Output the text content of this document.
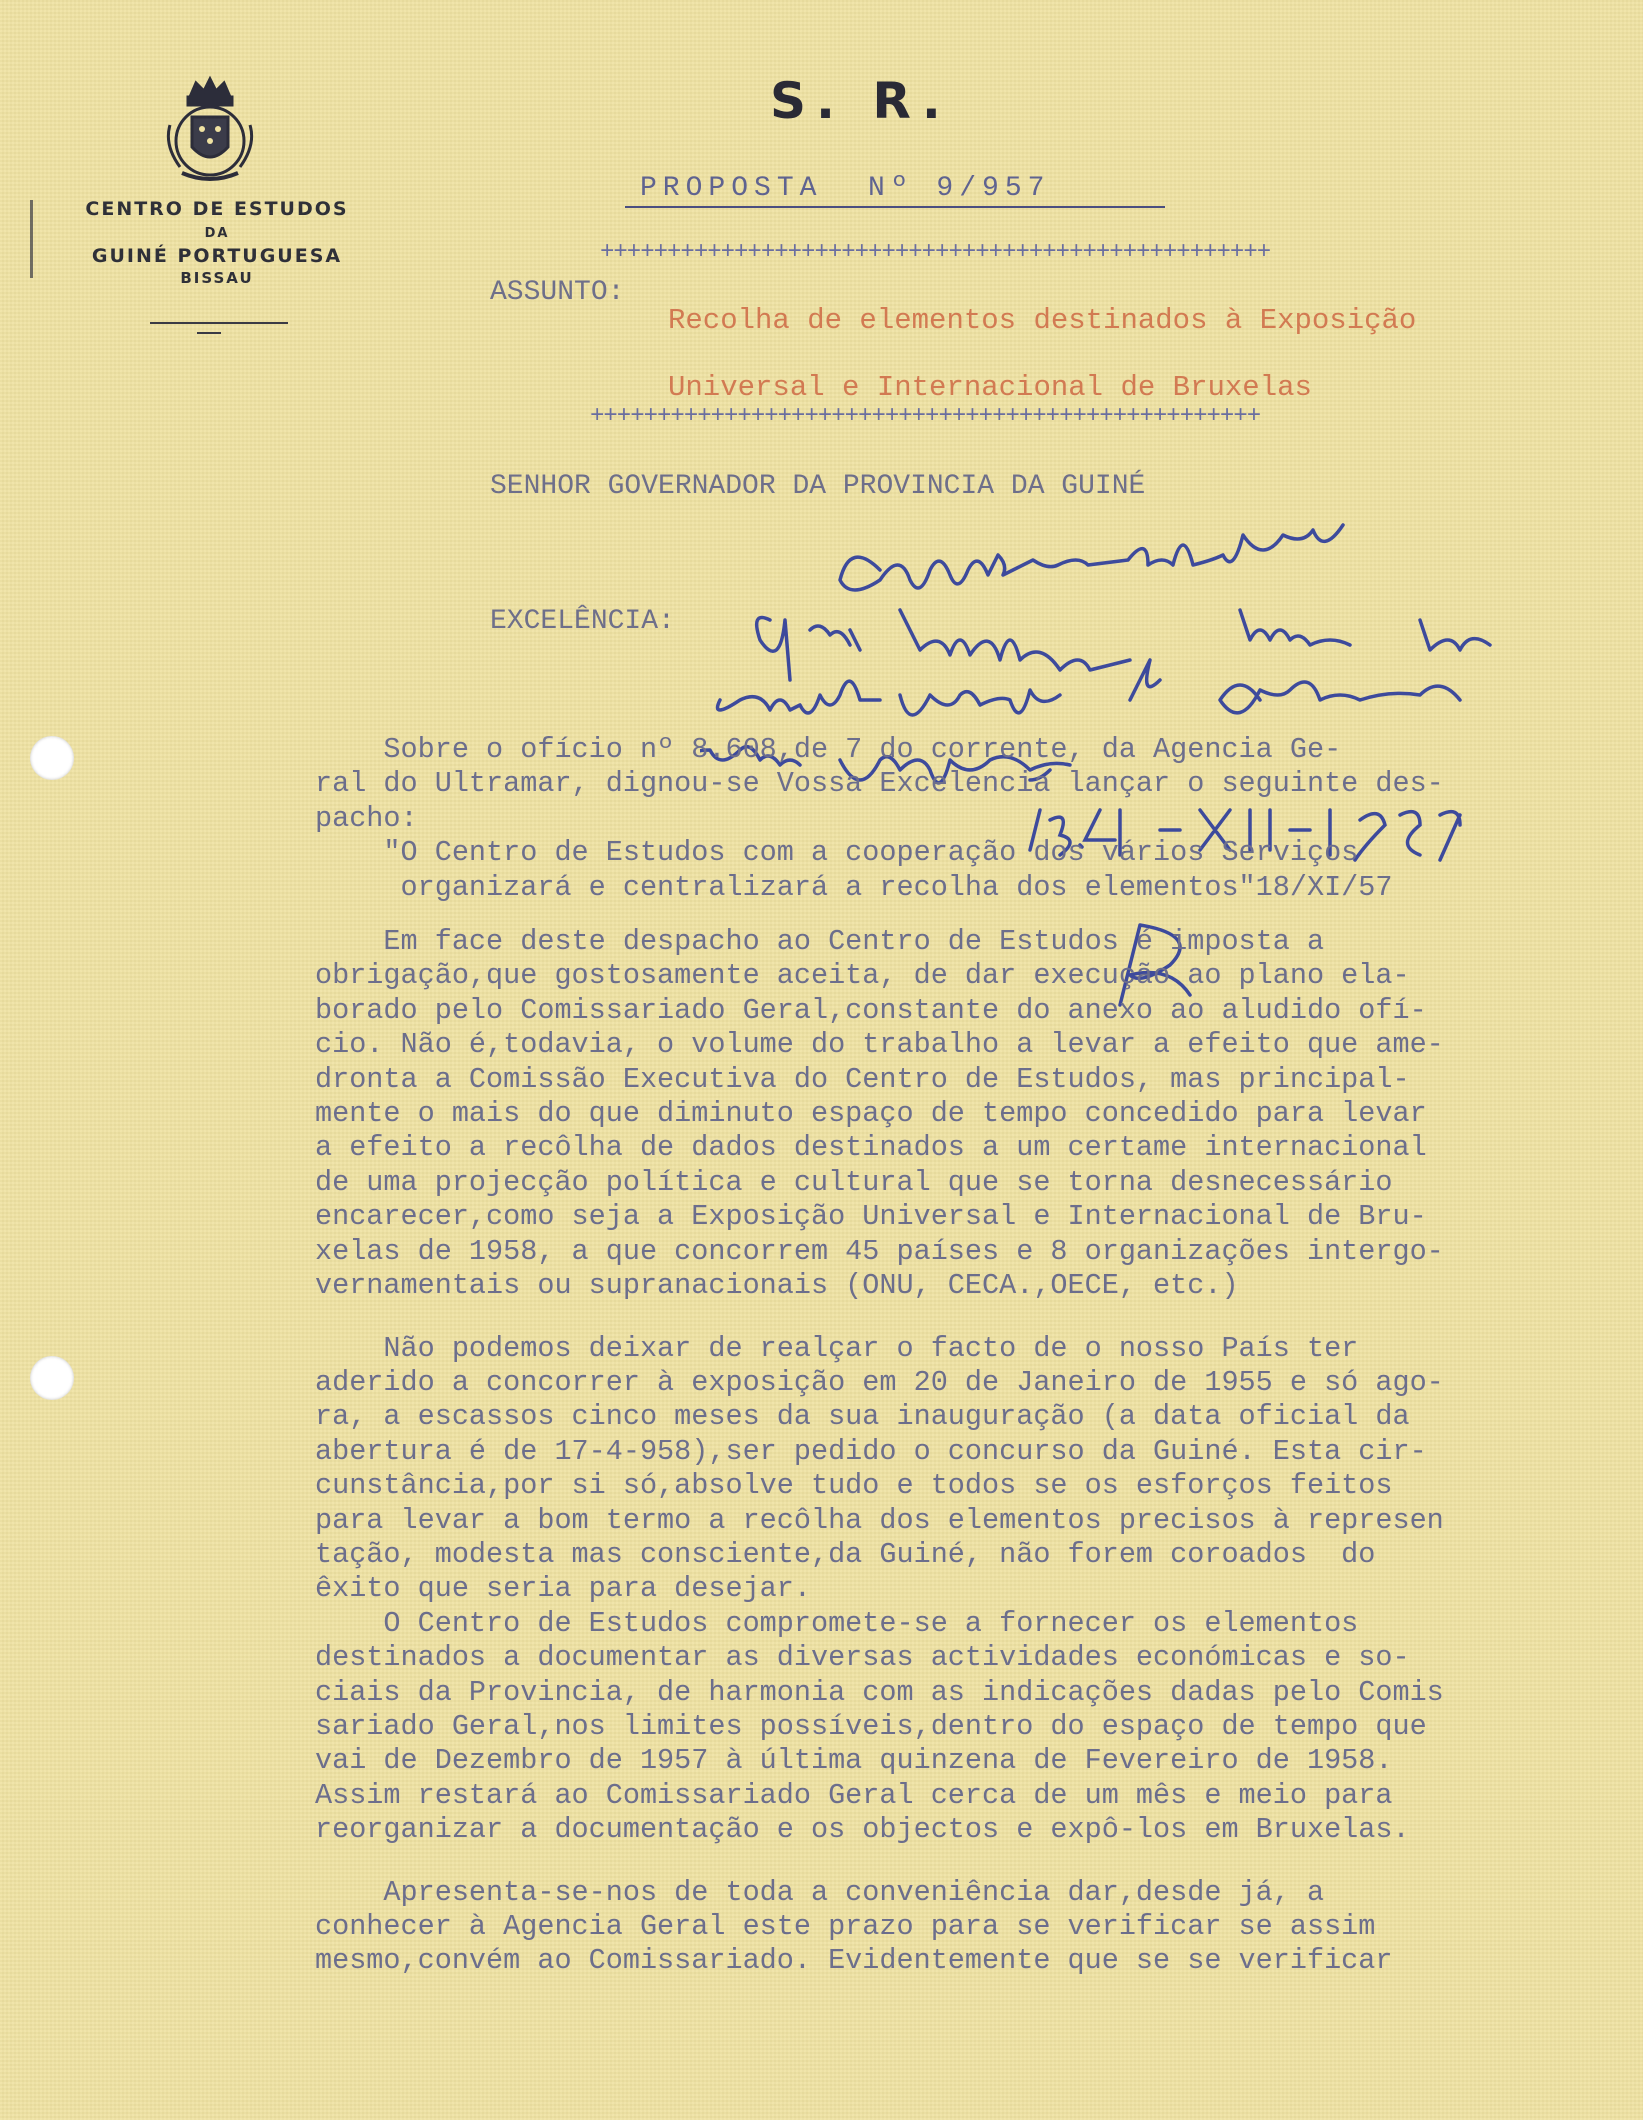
CENTRO DE ESTUDOS
DA
GUINÉ PORTUGUESA
BISSAU
S. R.
PROPOSTA  Nº 9/957
++++++++++++++++++++++++++++++++++++++++++++++++++
ASSUNTO:
Recolha de elementos destinados à Exposição
Universal e Internacional de Bruxelas
++++++++++++++++++++++++++++++++++++++++++++++++++
SENHOR GOVERNADOR DA PROVINCIA DA GUINÉ
EXCELÊNCIA:
Sobre o ofício nº 8.608,de 7 do corrente, da Agencia Ge-
ral do Ultramar, dignou-se Vossa Excelencia lançar o seguinte des-
pacho:
"O Centro de Estudos com a cooperação dos vários Serviços
organizará e centralizará a recolha dos elementos"18/XI/57
Em face deste despacho ao Centro de Estudos é imposta a
obrigação,que gostosamente aceita, de dar execução ao plano ela-
borado pelo Comissariado Geral,constante do anexo ao aludido ofí-
cio. Não é,todavia, o volume do trabalho a levar a efeito que ame-
dronta a Comissão Executiva do Centro de Estudos, mas principal-
mente o mais do que diminuto espaço de tempo concedido para levar
a efeito a recôlha de dados destinados a um certame internacional
de uma projecção política e cultural que se torna desnecessário
encarecer,como seja a Exposição Universal e Internacional de Bru-
xelas de 1958, a que concorrem 45 países e 8 organizações intergo-
vernamentais ou supranacionais (ONU, CECA.,OECE, etc.)
Não podemos deixar de realçar o facto de o nosso País ter
aderido a concorrer à exposição em 20 de Janeiro de 1955 e só ago-
ra, a escassos cinco meses da sua inauguração (a data oficial da
abertura é de 17-4-958),ser pedido o concurso da Guiné. Esta cir-
cunstância,por si só,absolve tudo e todos se os esforços feitos
para levar a bom termo a recôlha dos elementos precisos à represen
tação, modesta mas consciente,da Guiné, não forem coroados  do
êxito que seria para desejar.
O Centro de Estudos compromete-se a fornecer os elementos
destinados a documentar as diversas actividades económicas e so-
ciais da Provincia, de harmonia com as indicações dadas pelo Comis
sariado Geral,nos limites possíveis,dentro do espaço de tempo que
vai de Dezembro de 1957 à última quinzena de Fevereiro de 1958.
Assim restará ao Comissariado Geral cerca de um mês e meio para
reorganizar a documentação e os objectos e expô-los em Bruxelas.
Apresenta-se-nos de toda a conveniência dar,desde já, a
conhecer à Agencia Geral este prazo para se verificar se assim
mesmo,convém ao Comissariado. Evidentemente que se se verificar
